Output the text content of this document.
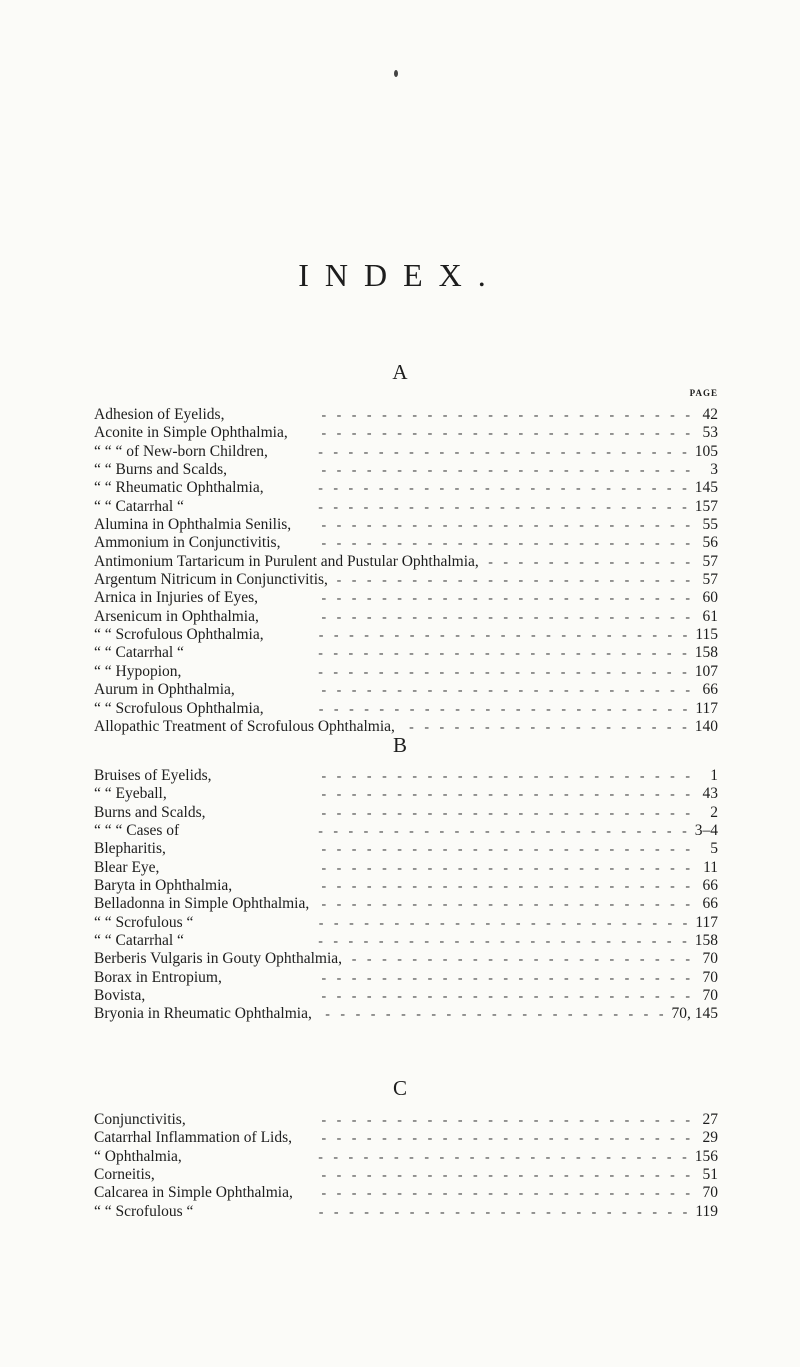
INDEX.
A
PAGE
Adhesion of Eyelids, -   -	42
Aconite in Simple Ophthalmia, -   -	53
“ “ “ of New-born Children, -   -	105
“ “ Burns and Scalds, -   -	3
“ “ Rheumatic Ophthalmia, -   -	145
“ “ Catarrhal “ -   -	157
Alumina in Ophthalmia Senilis, -   -	55
Ammonium in Conjunctivitis, -   -	56
Antimonium Tartaricum in Purulent and Pustular Ophthalmia, -   -	57
Argentum Nitricum in Conjunctivitis, -   -	57
Arnica in Injuries of Eyes, -   -	60
Arsenicum in Ophthalmia, -   -	61
“ “ Scrofulous Ophthalmia, -   -	115
“ “ Catarrhal “ -   -	158
“ “ Hypopion, -   -	107
Aurum in Ophthalmia, -   -	66
“ “ Scrofulous Ophthalmia, -   -	117
Allopathic Treatment of Scrofulous Ophthalmia, -   -	140
B
Bruises of Eyelids, -   -	1
“ “ Eyeball, -   -	43
Burns and Scalds, -   -	2
“ “ “ Cases of -   -	3–4
Blepharitis, -   -	5
Blear Eye, -   -	11
Baryta in Ophthalmia, -   -	66
Belladonna in Simple Ophthalmia, -   -	66
“ “ Scrofulous “ -   -	117
“ “ Catarrhal “ -   -	158
Berberis Vulgaris in Gouty Ophthalmia, -   -	70
Borax in Entropium, -   -	70
Bovista, -   -	70
Bryonia in Rheumatic Ophthalmia, -   -	70, 145
C
Conjunctivitis, -   -	27
Catarrhal Inflammation of Lids, -   -	29
“ Ophthalmia, -   -	156
Corneitis, -   -	51
Calcarea in Simple Ophthalmia, -   -	70
“ “ Scrofulous “ -   -	119
